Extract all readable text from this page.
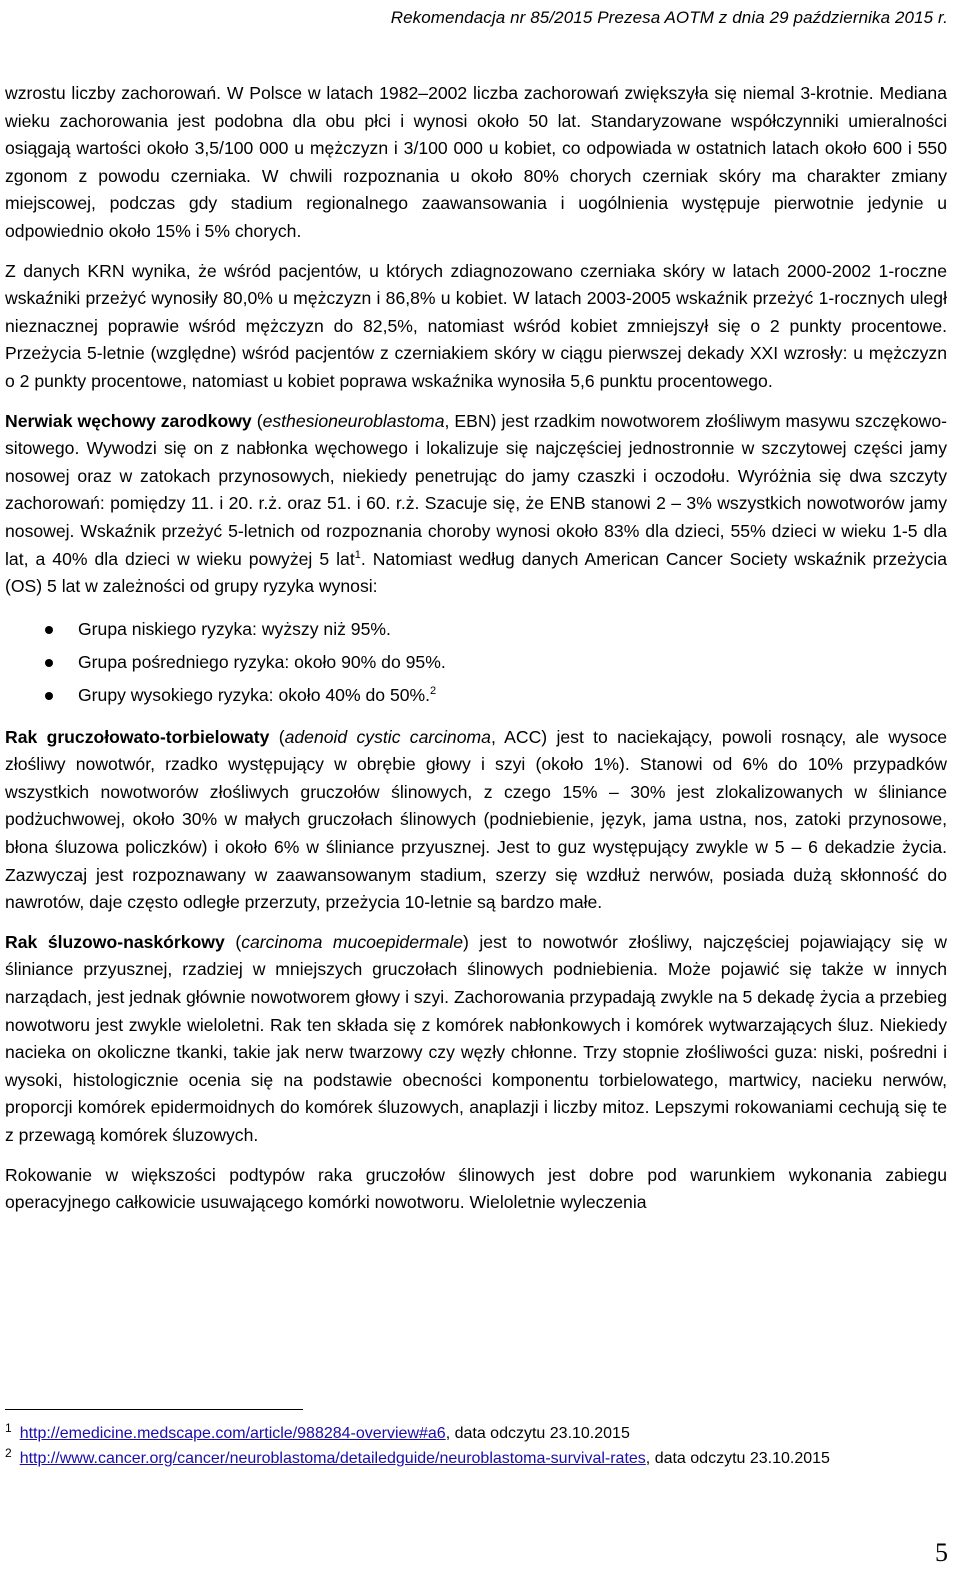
Rekomendacja nr 85/2015 Prezesa AOTM z dnia 29 października 2015 r.

wzrostu liczby zachorowań. W Polsce w latach 1982–2002 liczba zachorowań zwiększyła się niemal 3-krotnie. Mediana wieku zachorowania jest podobna dla obu płci i wynosi około 50 lat. Standaryzowane współczynniki umieralności osiągają wartości około 3,5/100 000 u mężczyzn i 3/100 000 u kobiet, co odpowiada w ostatnich latach około 600 i 550 zgonom z powodu czerniaka. W chwili rozpoznania u około 80% chorych czerniak skóry ma charakter zmiany miejscowej, podczas gdy stadium regionalnego zaawansowania i uogólnienia występuje pierwotnie jedynie u odpowiednio około 15% i 5% chorych.

Z danych KRN wynika, że wśród pacjentów, u których zdiagnozowano czerniaka skóry w latach 2000-2002 1-roczne wskaźniki przeżyć wynosiły 80,0% u mężczyzn i 86,8% u kobiet. W latach 2003-2005 wskaźnik przeżyć 1-rocznych uległ nieznacznej poprawie wśród mężczyzn do 82,5%, natomiast wśród kobiet zmniejszył się o 2 punkty procentowe. Przeżycia 5-letnie (względne) wśród pacjentów z czerniakiem skóry w ciągu pierwszej dekady XXI wzrosły: u mężczyzn o 2 punkty procentowe, natomiast u kobiet poprawa wskaźnika wynosiła 5,6 punktu procentowego.

Nerwiak węchowy zarodkowy (esthesioneuroblastoma, EBN) jest rzadkim nowotworem złośliwym masywu szczękowo-sitowego. Wywodzi się on z nabłonka węchowego i lokalizuje się najczęściej jednostronnie w szczytowej części jamy nosowej oraz w zatokach przynosowych, niekiedy penetrując do jamy czaszki i oczodołu. Wyróżnia się dwa szczyty zachorowań: pomiędzy 11. i 20. r.ż. oraz 51. i 60. r.ż. Szacuje się, że ENB stanowi 2 – 3% wszystkich nowotworów jamy nosowej. Wskaźnik przeżyć 5-letnich od rozpoznania choroby wynosi około 83% dla dzieci, 55% dzieci w wieku 1-5 dla lat, a 40% dla dzieci w wieku powyżej 5 lat$^1$. Natomiast według danych American Cancer Society wskaźnik przeżycia (OS) 5 lat w zależności od grupy ryzyka wynosi:

Grupa niskiego ryzyka: wyższy niż 95%.
Grupa pośredniego ryzyka: około 90% do 95%.
Grupy wysokiego ryzyka: około 40% do 50%.$^2$

Rak gruczołowato-torbielowaty (adenoid cystic carcinoma, ACC) jest to naciekający, powoli rosnący, ale wysoce złośliwy nowotwór, rzadko występujący w obrębie głowy i szyi (około 1%). Stanowi od 6% do 10% przypadków wszystkich nowotworów złośliwych gruczołów ślinowych, z czego 15% – 30% jest zlokalizowanych w śliniance podżuchwowej, około 30% w małych gruczołach ślinowych (podniebienie, język, jama ustna, nos, zatoki przynosowe, błona śluzowa policzków) i około 6% w śliniance przyusznej. Jest to guz występujący zwykle w 5 – 6 dekadzie życia. Zazwyczaj jest rozpoznawany w zaawansowanym stadium, szerzy się wzdłuż nerwów, posiada dużą skłonność do nawrotów, daje często odległe przerzuty, przeżycia 10-letnie są bardzo małe.

Rak śluzowo-naskórkowy (carcinoma mucoepidermale) jest to nowotwór złośliwy, najczęściej pojawiający się w śliniance przyusznej, rzadziej w mniejszych gruczołach ślinowych podniebienia. Może pojawić się także w innych narządach, jest jednak głównie nowotworem głowy i szyi. Zachorowania przypadają zwykle na 5 dekadę życia a przebieg nowotworu jest zwykle wieloletni. Rak ten składa się z komórek nabłonkowych i komórek wytwarzających śluz. Niekiedy nacieka on okoliczne tkanki, takie jak nerw twarzowy czy węzły chłonne. Trzy stopnie złośliwości guza: niski, pośredni i wysoki, histologicznie ocenia się na podstawie obecności komponentu torbielowatego, martwicy, nacieku nerwów, proporcji komórek epidermoidnych do komórek śluzowych, anaplazji i liczby mitoz. Lepszymi rokowaniami cechują się te z przewagą komórek śluzowych.

Rokowanie w większości podtypów raka gruczołów ślinowych jest dobre pod warunkiem wykonania zabiegu operacyjnego całkowicie usuwającego komórki nowotworu. Wieloletnie wyleczenia

$^1$ http://emedicine.medscape.com/article/988284-overview#a6, data odczytu 23.10.2015

$^2$ http://www.cancer.org/cancer/neuroblastoma/detailedguide/neuroblastoma-survival-rates, data odczytu 23.10.2015

5
